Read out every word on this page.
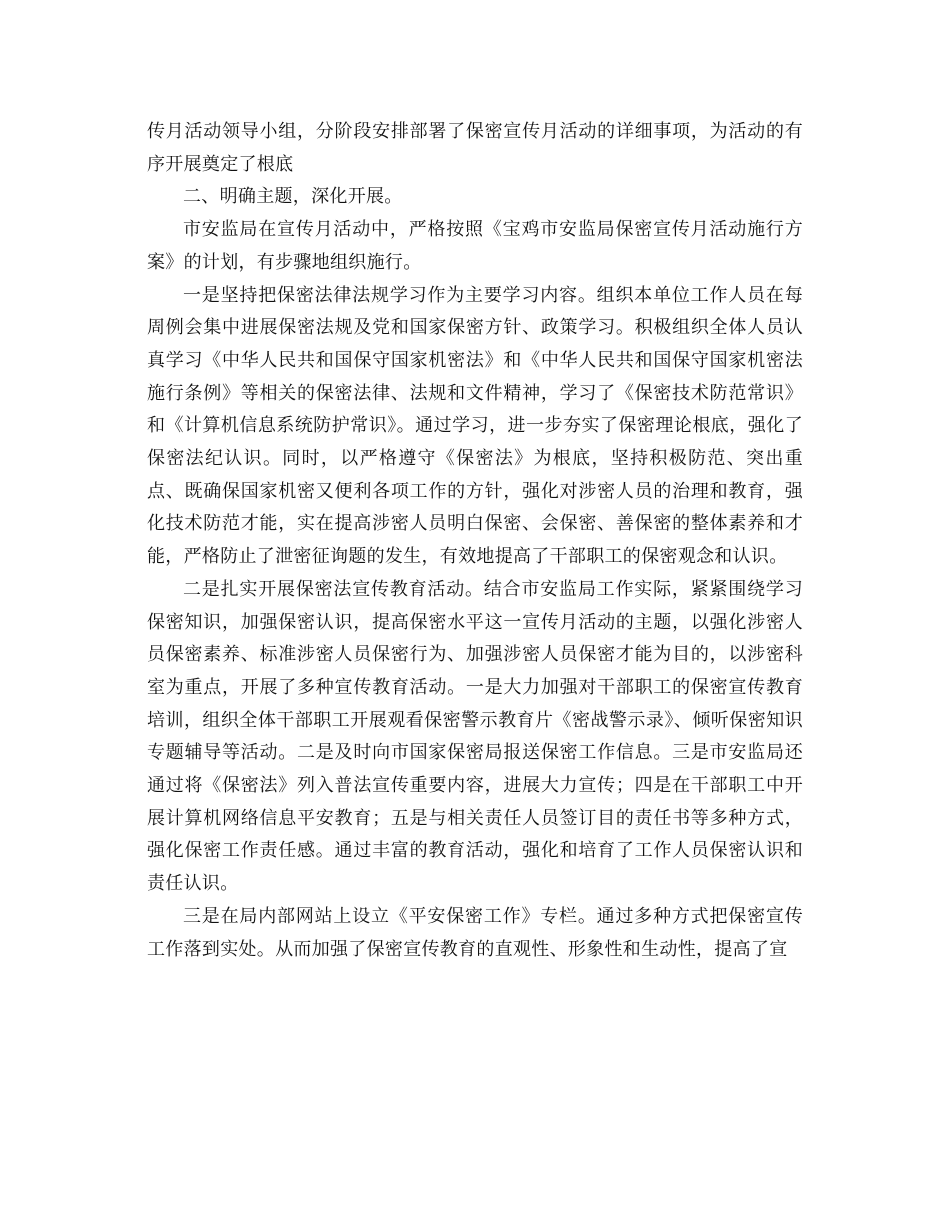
传月活动领导小组，分阶段安排部署了保密宣传月活动的详细事项，为活动的有序开展奠定了根底

二、明确主题，深化开展。

市安监局在宣传月活动中，严格按照《宝鸡市安监局保密宣传月活动施行方案》的计划，有步骤地组织施行。

一是坚持把保密法律法规学习作为主要学习内容。组织本单位工作人员在每周例会集中进展保密法规及党和国家保密方针、政策学习。积极组织全体人员认真学习《中华人民共和国保守国家机密法》和《中华人民共和国保守国家机密法施行条例》等相关的保密法律、法规和文件精神，学习了《保密技术防范常识》和《计算机信息系统防护常识》。通过学习，进一步夯实了保密理论根底，强化了保密法纪认识。同时，以严格遵守《保密法》为根底，坚持积极防范、突出重点、既确保国家机密又便利各项工作的方针，强化对涉密人员的治理和教育，强化技术防范才能，实在提高涉密人员明白保密、会保密、善保密的整体素养和才能，严格防止了泄密征询题的发生，有效地提高了干部职工的保密观念和认识。

二是扎实开展保密法宣传教育活动。结合市安监局工作实际，紧紧围绕学习保密知识，加强保密认识，提高保密水平这一宣传月活动的主题，以强化涉密人员保密素养、标准涉密人员保密行为、加强涉密人员保密才能为目的，以涉密科室为重点，开展了多种宣传教育活动。一是大力加强对干部职工的保密宣传教育培训，组织全体干部职工开展观看保密警示教育片《密战警示录》、倾听保密知识专题辅导等活动。二是及时向市国家保密局报送保密工作信息。三是市安监局还通过将《保密法》列入普法宣传重要内容，进展大力宣传；四是在干部职工中开展计算机网络信息平安教育；五是与相关责任人员签订目的责任书等多种方式，强化保密工作责任感。通过丰富的教育活动，强化和培育了工作人员保密认识和责任认识。

三是在局内部网站上设立《平安保密工作》专栏。通过多种方式把保密宣传工作落到实处。从而加强了保密宣传教育的直观性、形象性和生动性，提高了宣
